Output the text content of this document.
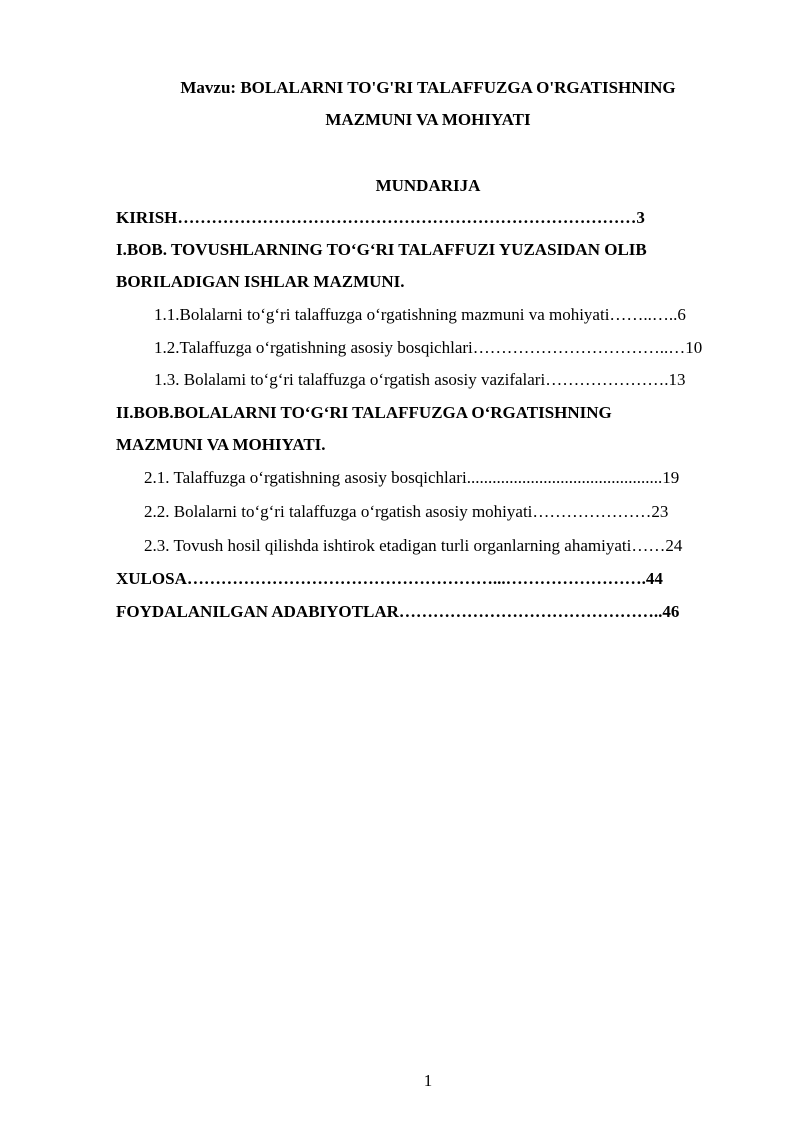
Mavzu: BOLALARNI TO'G'RI TALAFFUZGA O'RGATISHNING
MAZMUNI VA MOHIYATI
MUNDARIJA
KIRISH………………………………………………………………………3
I.BOB. TOVUSHLARNING TO‘G‘RI TALAFFUZI YUZASIDAN OLIB
BORILADIGAN ISHLAR MAZMUNI.
1.1.Bolalarni to‘g‘ri talaffuzga o‘rgatishning mazmuni va mohiyati……..…..6
1.2.Talaffuzga o‘rgatishning asosiy bosqichlari……………………………..…10
1.3. Bolalami to‘g‘ri talaffuzga o‘rgatish asosiy vazifalari………………….13
II.BOB.BOLALARNI TO‘G‘RI TALAFFUZGA O‘RGATISHNING
MAZMUNI VA MOHIYATI.
2.1. Talaffuzga o‘rgatishning asosiy bosqichlari..............................................19
2.2. Bolalarni to‘g‘ri talaffuzga o‘rgatish asosiy mohiyati…………………23
2.3. Tovush hosil qilishda ishtirok etadigan turli organlarning ahamiyati……24
XULOSA………………………………………………...…………………….44
FOYDALANILGAN ADABIYOTLAR………………………………………..46
1
